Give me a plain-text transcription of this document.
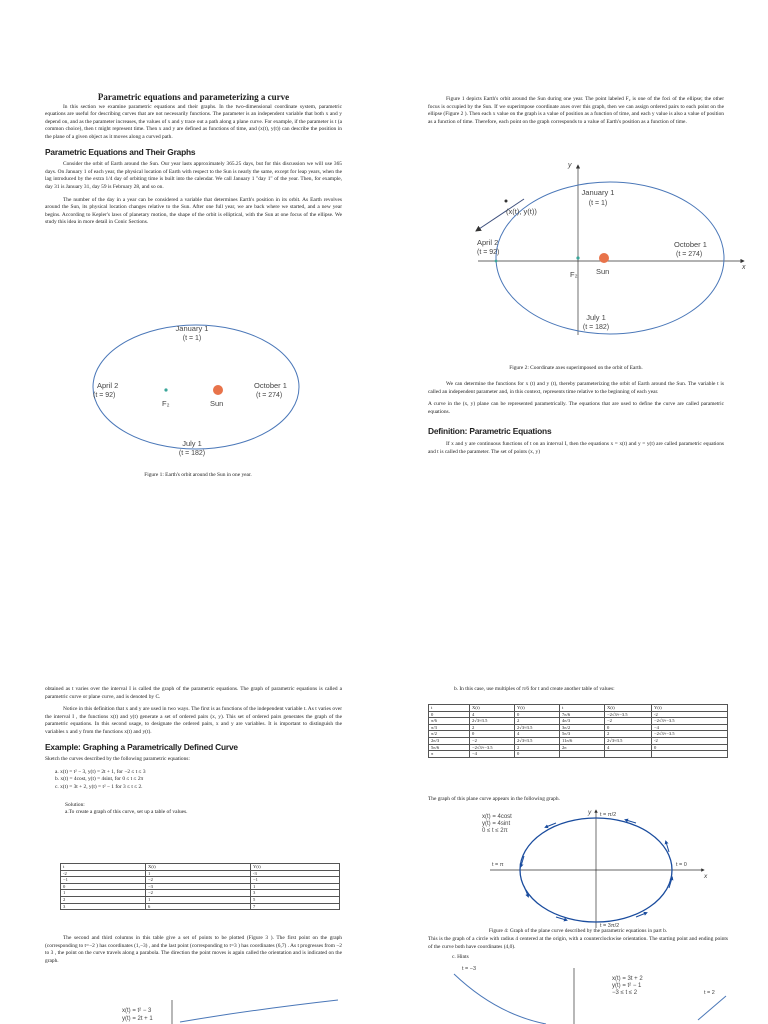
Parametric equations and parameterizing a curve
In this section we examine parametric equations and their graphs. In the two-dimensional coordinate system, parametric equations are useful for describing curves that are not necessarily functions. The parameter is an independent variable that both x and y depend on, and as the parameter increases, the values of x and y trace out a path along a plane curve. For example, if the parameter is t (a common choice), then t might represent time. Then x and y are defined as functions of time, and (x(t), y(t)) can describe the position in the plane of a given object as it moves along a curved path.
Parametric Equations and Their Graphs
Consider the orbit of Earth around the Sun. Our year lasts approximately 365.25 days, but for this discussion we will use 365 days. On January 1 of each year, the physical location of Earth with respect to the Sun is nearly the same, except for leap years, when the lag introduced by the extra 1/4 day of orbiting time is built into the calendar. We call January 1 "day 1" of the year. Then, for example, day 31 is January 31, day 59 is February 28, and so on.
The number of the day in a year can be considered a variable that determines Earth's position in its orbit. As Earth revolves around the Sun, its physical location changes relative to the Sun. After one full year, we are back where we started, and a new year begins. According to Kepler's laws of planetary motion, the shape of the orbit is elliptical, with the Sun at one focus of the ellipse. We study this idea in more detail in Conic Sections.
January 1
(t = 1)
April 2
(t = 92)
October 1
(t = 274)
F₂	Sun
July 1
(t = 182)
Figure 1: Earth's orbit around the Sun in one year.
Figure 1 depicts Earth's orbit around the Sun during one year. The point labeled F₂ is one of the foci of the ellipse; the other focus is occupied by the Sun. If we superimpose coordinate axes over this graph, then we can assign ordered pairs to each point on the ellipse (Figure 2 ). Then each x value on the graph is a value of position as a function of time, and each y value is also a value of position as a function of time. Therefore, each point on the graph corresponds to a value of Earth's position as a function of time.
y
x
(x(t), y(t))
January 1
(t = 1)
April 2
(t = 92)
October 1
(t = 274)
F₂ Sun
July 1
(t = 182)
Figure 2: Coordinate axes superimposed on the orbit of Earth.
We can determine the functions for x (t) and y (t), thereby parameterizing the orbit of Earth around the Sun. The variable t is called an independent parameter and, in this context, represents time relative to the beginning of each year.
A curve in the (x, y) plane can be represented parametrically. The equations that are used to define the curve are called parametric equations.
Definition: Parametric Equations
If x and y are continuous functions of t on an interval I, then the equations x = x(t) and y = y(t) are called parametric equations and t is called the parameter. The set of points (x, y)
obtained as t varies over the interval I is called the graph of the parametric equations. The graph of parametric equations is called a parametric curve or plane curve, and is denoted by C.
Notice in this definition that x and y are used in two ways. The first is as functions of the independent variable t. As t varies over the interval I , the functions x(t) and y(t) generate a set of ordered pairs (x, y). This set of ordered pairs generates the graph of the parametric equations. In this second usage, to designate the ordered pairs, x and y are variables. It is important to distinguish the variables x and y from the functions x(t) and y(t).
Example: Graphing a Parametrically Defined Curve
Sketch the curves described by the following parametric equations:
a. x(t) = t² − 3, y(t) = 2t + 1, for −2 ≤ t ≤ 3
b. x(t) = 4cost, y(t) = 4sint, for 0 ≤ t ≤ 2π
c. x(t) = 3t + 2, y(t) = t² − 1 for 3 ≤ t ≤ 2.
Solution:
a.To create a graph of this curve, set up a table of values.
t	X(t)	Y(t)
-2	1	-3
−1	−2	−1
0	−3	1
1	−2	3
2	1	5
3	6	7
The second and third columns in this table give a set of points to be plotted (Figure 3 ). The first point on the graph (corresponding to t=−2 ) has coordinates (1,−3) , and the last point (corresponding to t=3 ) has coordinates (6,7) . As t progresses from −2 to 3 , the point on the curve travels along a parabola. The direction the point moves is again called the orientation and is indicated on the graph.
x(t) = t² − 3
y(t) = 2t + 1
b. In this case, use multiples of π/6 for t and create another table of values:
t	X(t)	Y(t)	t	X(t)	Y(t)
0	4	0	7π/6	−2√3≈−3.5	-2
π/6	2√3≈3.5	2	4π/3	−2	−2√3≈−3.5
π/3	2	2√3≈3.5	3π/2	0	−4
π/2	0	4	5π/3	2	−2√3≈−3.5
2π/3	−2	2√3≈3.5	11π/6	2√3≈3.5	-2
5π/6	−2√3≈−3.5	2	2π	4	0
π	−4	0			
The graph of this plane curve appears in the following graph.
x(t) = 4cost
y(t) = 4sint
0 ≤ t ≤ 2π
y
x
t = 0
t = π
t = π/2
t = 3π/2
Figure 4: Graph of the plane curve described by the parametric equations in part b.
This is the graph of a circle with radius 4 centered at the origin, with a counterclockwise orientation. The starting point and ending points of the curve both have coordinates (4,0).
c. Hints
t = −3
t = 2
x(t) = 3t + 2
y(t) = t² − 1
−3 ≤ t ≤ 2
